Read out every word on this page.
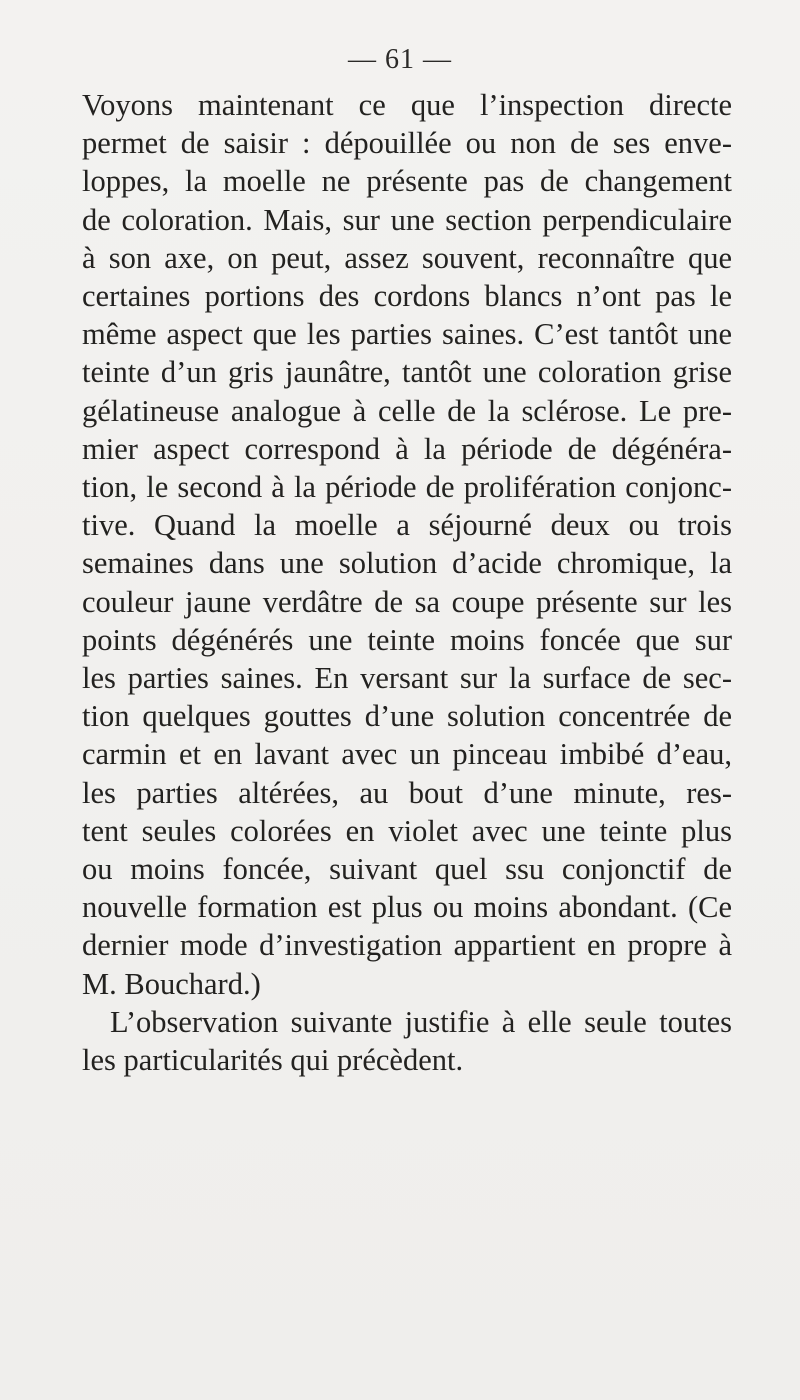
— 61 —
Voyons maintenant ce que l’inspection directe
permet de saisir : dépouillée ou non de ses enve-
loppes, la moelle ne présente pas de changement
de coloration. Mais, sur une section perpendiculaire
à son axe, on peut, assez souvent, reconnaître que
certaines portions des cordons blancs n’ont pas le
même aspect que les parties saines. C’est tantôt une
teinte d’un gris jaunâtre, tantôt une coloration grise
gélatineuse analogue à celle de la sclérose. Le pre-
mier aspect correspond à la période de dégénéra-
tion, le second à la période de prolifération conjonc-
tive. Quand la moelle a séjourné deux ou trois
semaines dans une solution d’acide chromique, la
couleur jaune verdâtre de sa coupe présente sur les
points dégénérés une teinte moins foncée que sur
les parties saines. En versant sur la surface de sec-
tion quelques gouttes d’une solution concentrée de
carmin et en lavant avec un pinceau imbibé d’eau,
les parties altérées, au bout d’une minute, res-
tent seules colorées en violet avec une teinte plus
ou moins foncée, suivant quel ssu conjonctif de
nouvelle formation est plus ou moins abondant. (Ce
dernier mode d’investigation appartient en propre à
M. Bouchard.)
L’observation suivante justifie à elle seule toutes
les particularités qui précèdent.
